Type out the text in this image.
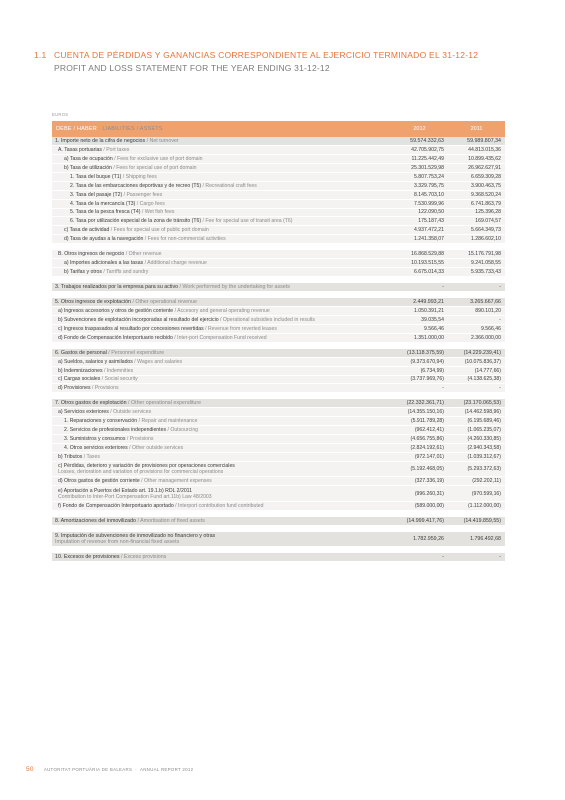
1.1 CUENTA DE PÉRDIDAS Y GANANCIAS CORRESPONDIENTE AL EJERCICIO TERMINADO EL 31-12-12
PROFIT AND LOSS STATEMENT FOR THE YEAR ENDING 31-12-12
EUROS
DEBE / HABER · LIABILITIES / ASSETS	2012	2011
1. Importe neto de la cifra de negocios / Net turnover	59.574.332,63	59.989.807,34
A. Tasas portuarias / Port taxes	42.705.902,75	44.813.015,36
a) Tasa de ocupación / Fees for exclusive use of port domain	11.225.442,49	10.899.435,62
b) Tasa de utilización / Fees for special use of port domain	25.301.529,98	26.962.627,91
1. Tasa del buque (T1) / Shipping fees	5.807.753,24	6.659.309,28
2. Tasa de las embarcaciones deportivas y de recreo (T5) / Recreational craft fees	3.329.795,75	3.900.463,75
3. Tasa del pasaje (T2) / Passenger fees	8.145.703,10	9.368.520,24
4. Tasa de la mercancía (T3) / Cargo fees	7.530.999,96	6.741.863,79
5. Tasa de la pesca fresca (T4) / Wet fish fees	122.090,50	125.396,28
6. Tasa por utilización especial de la zona de tránsito (T6) / Fee for special use of transit area (T6)	175.187,43	169.074,57
c) Tasa de actividad / Fees for special use of public port domain	4.937.472,21	5.664.349,73
d) Tasa de ayudas a la navegación / Fees for non-commercial activities	1.241.358,07	1.286.602,10
B. Otros ingresos de negocio / Other revenue	16.868.529,88	15.176.791,98
a) Importes adicionales a las tasas / Additional charge revenue	10.193.515,55	9.241.058,55
b) Tarifas y otros / Tarriffs and sundry	6.675.014,33	5.935.733,43
3. Trabajos realizados por la empresa para su activo / Work performed by the undertaking for assets	-	-
5. Otros ingresos de explotación / Other operational revenue	2.449.993,21	3.265.667,66
a) Ingresos accesorios y otros de gestión corriente / Accesory and general operating revenue	1.050.391,21	890.101,20
b) Subvenciones de explotación incorporadas al resultado del ejercicio / Operational subsidies included in results	39.035,54	-
c) Ingresos traspasados al resultado por concesiones revertidas / Revenue from reverted leases	9.566,46	9.566,46
d) Fondo de Compensación Interportuario recibido / Inter-port Compensation Fund received	1.351.000,00	2.366.000,00
6. Gastos de personal / Personnel expenditure	(13.118.375,59)	(14.229.239,41)
a) Sueldos, salarios y asimilados / Wages and salaries	(9.373.670,94)	(10.075.836,37)
b) Indemnizaciones / Indemnities	(6.734,99)	(14.777,66)
c) Cargas sociales / Social security	(3.737.969,76)	(4.138.625,38)
d) Provisiones / Provisions	-	-
7. Otros gastos de explotación / Other operational expenditure	(22.332.361,71)	(23.170.065,53)
a) Servicios exteriores / Outside services	(14.355.150,16)	(14.462.598,96)
1. Reparaciones y conservación / Repair and maintenance	(5.911.789,28)	(6.195.689,46)
2. Servicios de profesionales independientes / Outsourcing	(962.412,41)	(1.065.235,07)
3. Suministros y consumos / Provisions	(4.656.755,86)	(4.260.330,85)
4. Otros servicios exteriores / Other outside services	(2.824.192,61)	(2.940.343,58)
b) Tributos / Taxes	(972.147,01)	(1.039.312,67)
c) Pérdidas, deterioro y variación de provisiones por operaciones comerciales
Losses, derioration and variation of provisions for commercial operations	(5.192.468,05)	(5.293.372,63)
d) Otros gastos de gestión corriente / Other management expenses	(327.336,19)	(292.202,11)
e) Aportación a Puertos del Estado art. 19.1.b) RDL 2/2011
Contribution to Inter-Port Compensation Fund art.11b) Law 48/2003	(996.260,31)	(970.599,16)
f) Fondo de Compensación Interportuario aportado / Interport contribution fund contributed	(589.000,00)	(1.112.000,00)
8. Amortizaciones del inmovilizado / Amortisation of fixed assets	(14.999.417,76)	(14.419.859,55)
9. Imputación de subvenciones de inmovilizado no financiero y otras
Imputation of revenue from non-financial fixed assets	1.782.959,26	1.796.492,68
10. Excesos de provisiones / Excess provisions	-	-
50 AUTORITAT PORTUÀRIA DE BALEARS · ANNUAL REPORT 2012
